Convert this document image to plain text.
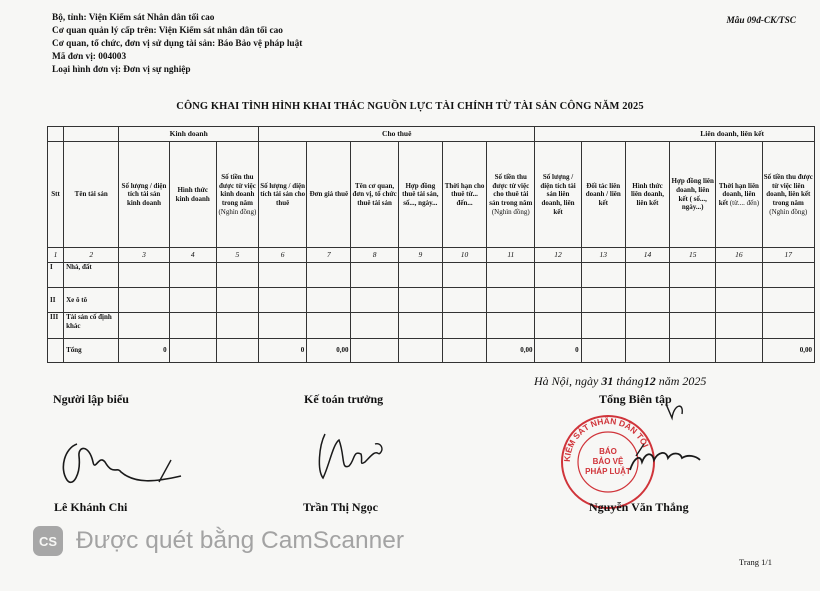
Bộ, tỉnh: Viện Kiểm sát Nhân dân tối cao
Cơ quan quản lý cấp trên: Viện Kiểm sát nhân dân tối cao
Cơ quan, tổ chức, đơn vị sử dụng tài sản: Báo Bảo vệ pháp luật
Mã đơn vị: 004003
Loại hình đơn vị: Đơn vị sự nghiệp
Mẫu 09đ-CK/TSC
CÔNG KHAI TÌNH HÌNH KHAI THÁC NGUỒN LỰC TÀI CHÍNH TỪ TÀI SẢN CÔNG NĂM 2025
		Kinh doanh			Cho thuê						Liên doanh, liên kết					
Stt	Tên tài sản	Số lượng / diện tích tài sản kinh doanh	Hình thức kinh doanh	Số tiền thu được từ việc kinh doanh trong năm (Nghìn đồng)	Số lượng / diện tích tài sản cho thuê	Đơn giá thuê	Tên cơ quan, đơn vị, tổ chức thuê tài sản	Hợp đồng thuê tài sản, số..., ngày...	Thời hạn cho thuê từ... đến...	Số tiền thu được từ việc cho thuê tài sản trong năm (Nghìn đồng)	Số lượng / diện tích tài sản liên doanh, liên kết	Đối tác liên doanh / liên kết	Hình thức liên doanh, liên kết	Hợp đồng liên doanh, liên kết ( số..., ngày...)	Thời hạn liên doanh, liên kết (từ.... đến)	Số tiền thu được từ việc liên doanh, liên kết trong năm (Nghìn đồng)
1	2	3	4	5	6	7	8	9	10	11	12	13	14	15	16	17
I	Nhà, đất															
II	Xe ô tô															
III	Tài sản cố định khác															
	Tổng	0			0	0,00				0,00	0					0,00
Hà Nội, ngày 31 tháng12 năm 2025
Người lập biểu	Kế toán trưởng	Tổng Biên tập
KIỂM SÁT NHÂN DÂN TỐI
BÁO
BẢO VỆ
PHÁP LUẬT
Lê Khánh Chi	Trần Thị Ngọc	Nguyễn Văn Thắng
CS Được quét bằng CamScanner
Trang 1/1
